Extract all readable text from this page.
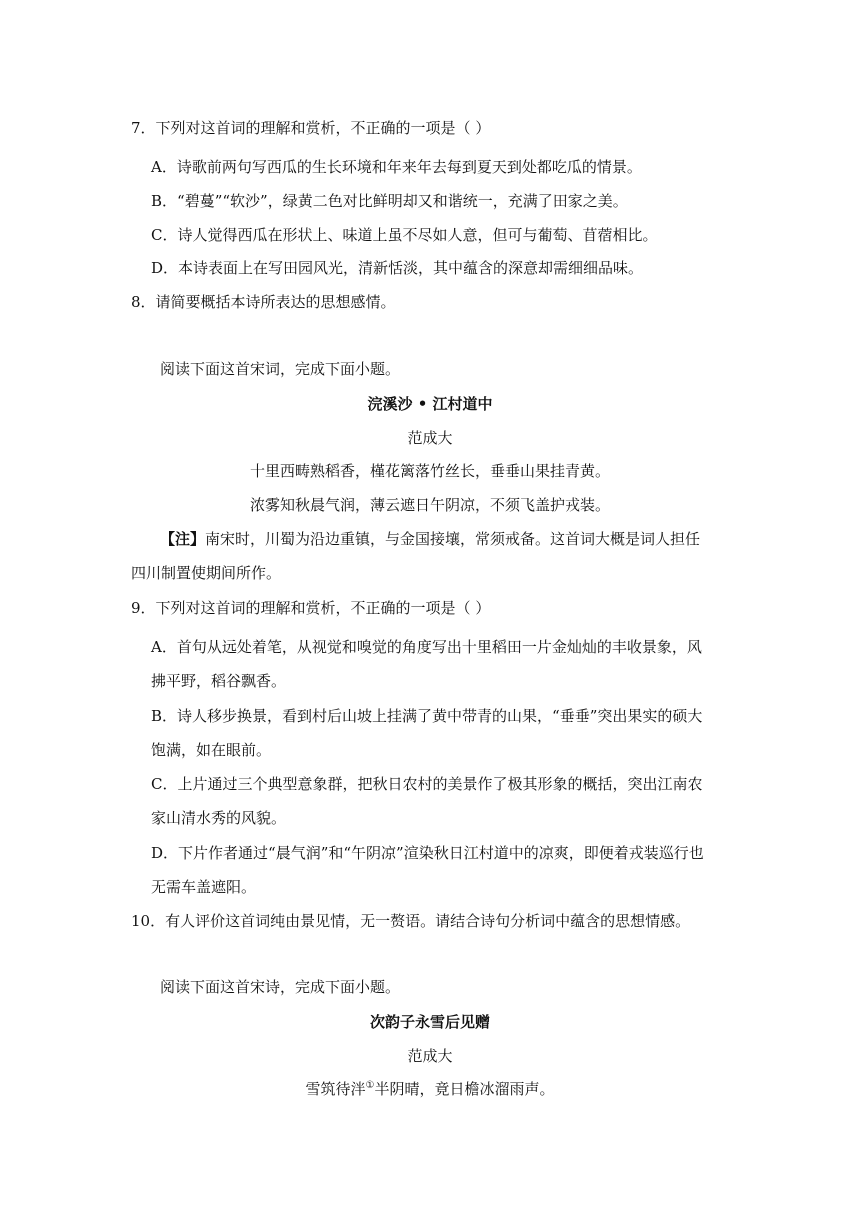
7．下列对这首词的理解和赏析，不正确的一项是（ ）
A．诗歌前两句写西瓜的生长环境和年来年去每到夏天到处都吃瓜的情景。
B．“碧蔓”“软沙”，绿黄二色对比鲜明却又和谐统一，充满了田家之美。
C．诗人觉得西瓜在形状上、味道上虽不尽如人意，但可与葡萄、苜蓿相比。
D．本诗表面上在写田园风光，清新恬淡，其中蕴含的深意却需细细品味。
8．请简要概括本诗所表达的思想感情。
阅读下面这首宋词，完成下面小题。
浣溪沙 • 江村道中
范成大
十里西畴熟稻香，槿花篱落竹丝长，垂垂山果挂青黄。
浓雾知秋晨气润，薄云遮日午阴凉，不须飞盖护戎装。
【注】南宋时，川蜀为沿边重镇，与金国接壤，常须戒备。这首词大概是词人担任
四川制置使期间所作。
9．下列对这首词的理解和赏析，不正确的一项是（ ）
A．首句从远处着笔，从视觉和嗅觉的角度写出十里稻田一片金灿灿的丰收景象，风
拂平野，稻谷飘香。
B．诗人移步换景，看到村后山坡上挂满了黄中带青的山果，“垂垂”突出果实的硕大
饱满，如在眼前。
C．上片通过三个典型意象群，把秋日农村的美景作了极其形象的概括，突出江南农
家山清水秀的风貌。
D．下片作者通过“晨气润”和“午阴凉”渲染秋日江村道中的凉爽，即便着戎装巡行也
无需车盖遮阳。
10．有人评价这首词纯由景见情，无一赘语。请结合诗句分析词中蕴含的思想情感。
阅读下面这首宋诗，完成下面小题。
次韵子永雪后见赠
范成大
雪筑待泮①半阴晴，竟日檐冰溜雨声。
